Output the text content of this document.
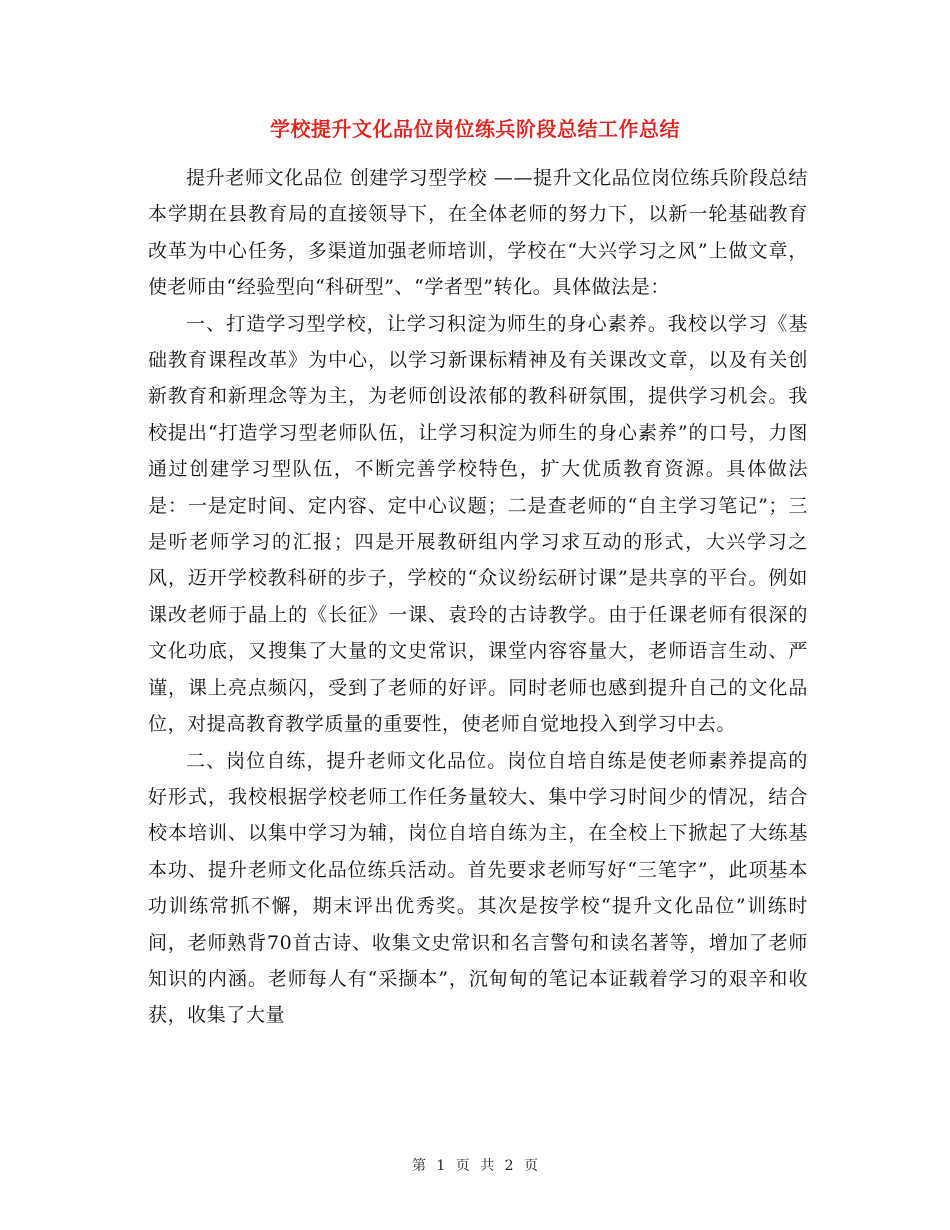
学校提升文化品位岗位练兵阶段总结工作总结

提升老师文化品位 创建学习型学校 ——提升文化品位岗位练兵阶段总结本学期在县教育局的直接领导下，在全体老师的努力下，以新一轮基础教育改革为中心任务，多渠道加强老师培训，学校在“大兴学习之风”上做文章，使老师由“经验型向“科研型”、“学者型”转化。具体做法是：

一、打造学习型学校，让学习积淀为师生的身心素养。我校以学习《基础教育课程改革》为中心，以学习新课标精神及有关课改文章，以及有关创新教育和新理念等为主，为老师创设浓郁的教科研氛围，提供学习机会。我校提出“打造学习型老师队伍，让学习积淀为师生的身心素养”的口号，力图通过创建学习型队伍，不断完善学校特色，扩大优质教育资源。具体做法是：一是定时间、定内容、定中心议题；二是查老师的“自主学习笔记”；三是听老师学习的汇报；四是开展教研组内学习求互动的形式，大兴学习之风，迈开学校教科研的步子，学校的“众议纷纭研讨课”是共享的平台。例如课改老师于晶上的《长征》一课、袁玲的古诗教学。由于任课老师有很深的文化功底，又搜集了大量的文史常识，课堂内容容量大，老师语言生动、严谨，课上亮点频闪，受到了老师的好评。同时老师也感到提升自己的文化品位，对提高教育教学质量的重要性，使老师自觉地投入到学习中去。

二、岗位自练，提升老师文化品位。岗位自培自练是使老师素养提高的好形式，我校根据学校老师工作任务量较大、集中学习时间少的情况，结合校本培训、以集中学习为辅，岗位自培自练为主，在全校上下掀起了大练基本功、提升老师文化品位练兵活动。首先要求老师写好“三笔字”，此项基本功训练常抓不懈，期末评出优秀奖。其次是按学校“提升文化品位”训练时间，老师熟背70首古诗、收集文史常识和名言警句和读名著等，增加了老师知识的内涵。老师每人有“采撷本”，沉甸甸的笔记本证载着学习的艰辛和收获，收集了大量

第 1 页 共 2 页
